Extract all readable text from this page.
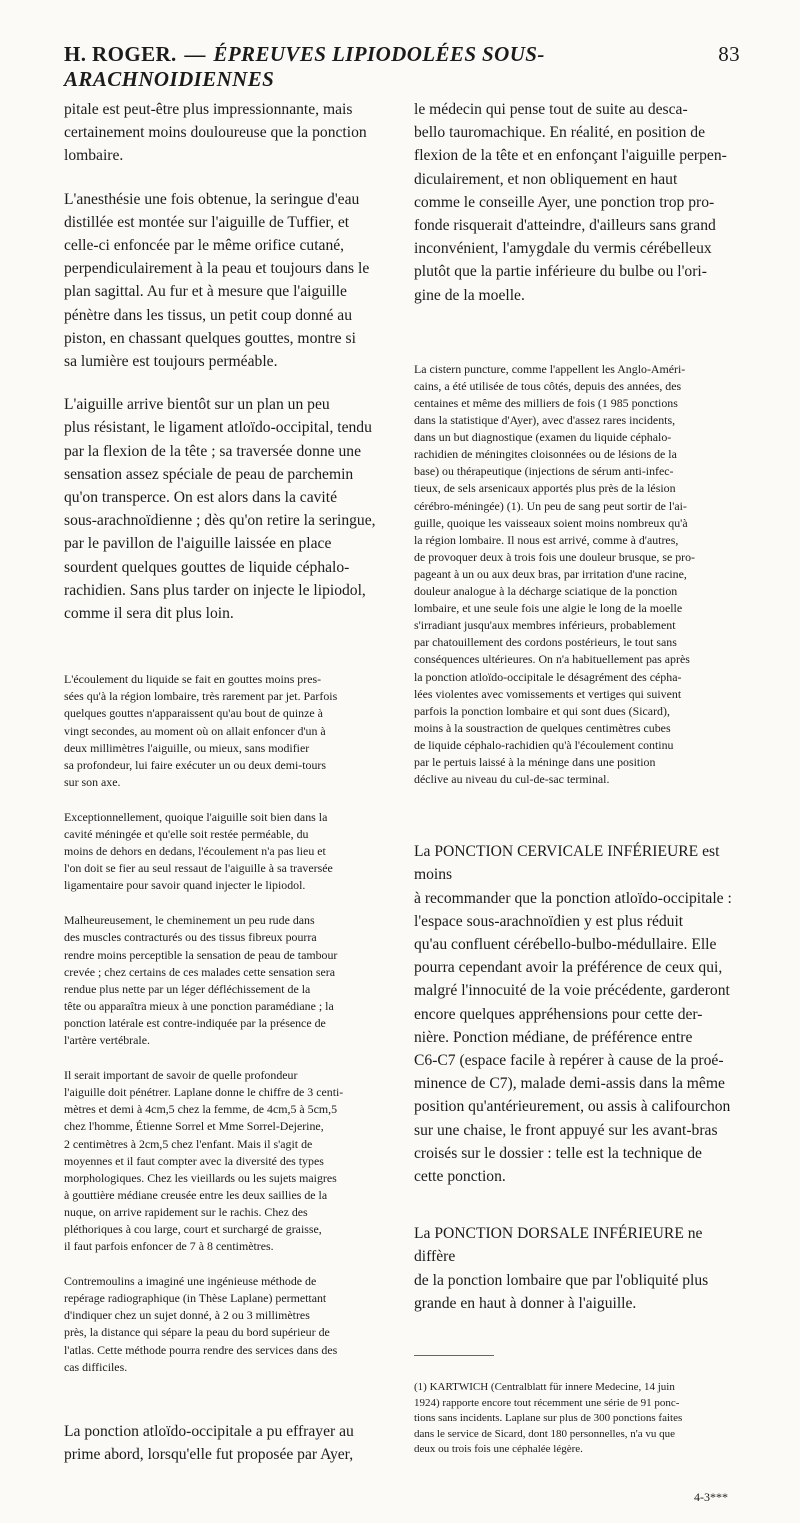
H. ROGER. — ÉPREUVES LIPIODOLÉES SOUS-ARACHNOIDIENNES
83

pitale est peut-être plus impressionnante, mais
certainement moins douloureuse que la ponction
lombaire.

L'anesthésie une fois obtenue, la seringue d'eau
distillée est montée sur l'aiguille de Tuffier, et
celle-ci enfoncée par le même orifice cutané,
perpendiculairement à la peau et toujours dans le
plan sagittal. Au fur et à mesure que l'aiguille
pénètre dans les tissus, un petit coup donné au
piston, en chassant quelques gouttes, montre si
sa lumière est toujours perméable.

L'aiguille arrive bientôt sur un plan un peu
plus résistant, le ligament atloïdo-occipital, tendu
par la flexion de la tête ; sa traversée donne une
sensation assez spéciale de peau de parchemin
qu'on transperce. On est alors dans la cavité
sous-arachnoïdienne ; dès qu'on retire la seringue,
par le pavillon de l'aiguille laissée en place
sourdent quelques gouttes de liquide céphalo-
rachidien. Sans plus tarder on injecte le lipiodol,
comme il sera dit plus loin.

L'écoulement du liquide se fait en gouttes moins pres-
sées qu'à la région lombaire, très rarement par jet. Parfois
quelques gouttes n'apparaissent qu'au bout de quinze à
vingt secondes, au moment où on allait enfoncer d'un à
deux millimètres l'aiguille, ou mieux, sans modifier
sa profondeur, lui faire exécuter un ou deux demi-tours
sur son axe.

Exceptionnellement, quoique l'aiguille soit bien dans la
cavité méningée et qu'elle soit restée perméable, du
moins de dehors en dedans, l'écoulement n'a pas lieu et
l'on doit se fier au seul ressaut de l'aiguille à sa traversée
ligamentaire pour savoir quand injecter le lipiodol.

Malheureusement, le cheminement un peu rude dans
des muscles contracturés ou des tissus fibreux pourra
rendre moins perceptible la sensation de peau de tambour
crevée ; chez certains de ces malades cette sensation sera
rendue plus nette par un léger défléchissement de la
tête ou apparaîtra mieux à une ponction paramédiane ; la
ponction latérale est contre-indiquée par la présence de
l'artère vertébrale.

Il serait important de savoir de quelle profondeur
l'aiguille doit pénétrer. Laplane donne le chiffre de 3 centi-
mètres et demi à 4cm,5 chez la femme, de 4cm,5 à 5cm,5
chez l'homme, Étienne Sorrel et Mme Sorrel-Dejerine,
2 centimètres à 2cm,5 chez l'enfant. Mais il s'agit de
moyennes et il faut compter avec la diversité des types
morphologiques. Chez les vieillards ou les sujets maigres
à gouttière médiane creusée entre les deux saillies de la
nuque, on arrive rapidement sur le rachis. Chez des
pléthoriques à cou large, court et surchargé de graisse,
il faut parfois enfoncer de 7 à 8 centimètres.

Contremoulins a imaginé une ingénieuse méthode de
repérage radiographique (in Thèse Laplane) permettant
d'indiquer chez un sujet donné, à 2 ou 3 millimètres
près, la distance qui sépare la peau du bord supérieur de
l'atlas. Cette méthode pourra rendre des services dans des
cas difficiles.

La ponction atloïdo-occipitale a pu effrayer au
prime abord, lorsqu'elle fut proposée par Ayer,

le médecin qui pense tout de suite au desca-
bello tauromachique. En réalité, en position de
flexion de la tête et en enfonçant l'aiguille perpen-
diculairement, et non obliquement en haut
comme le conseille Ayer, une ponction trop pro-
fonde risquerait d'atteindre, d'ailleurs sans grand
inconvénient, l'amygdale du vermis cérébelleux
plutôt que la partie inférieure du bulbe ou l'ori-
gine de la moelle.

La cistern puncture, comme l'appellent les Anglo-Améri-
cains, a été utilisée de tous côtés, depuis des années, des
centaines et même des milliers de fois (1 985 ponctions
dans la statistique d'Ayer), avec d'assez rares incidents,
dans un but diagnostique (examen du liquide céphalo-
rachidien de méningites cloisonnées ou de lésions de la
base) ou thérapeutique (injections de sérum anti-infec-
tieux, de sels arsenicaux apportés plus près de la lésion
cérébro-méningée) (1). Un peu de sang peut sortir de l'ai-
guille, quoique les vaisseaux soient moins nombreux qu'à
la région lombaire. Il nous est arrivé, comme à d'autres,
de provoquer deux à trois fois une douleur brusque, se pro-
pageant à un ou aux deux bras, par irritation d'une racine,
douleur analogue à la décharge sciatique de la ponction
lombaire, et une seule fois une algie le long de la moelle
s'irradiant jusqu'aux membres inférieurs, probablement
par chatouillement des cordons postérieurs, le tout sans
conséquences ultérieures. On n'a habituellement pas après
la ponction atloïdo-occipitale le désagrément des cépha-
lées violentes avec vomissements et vertiges qui suivent
parfois la ponction lombaire et qui sont dues (Sicard),
moins à la soustraction de quelques centimètres cubes
de liquide céphalo-rachidien qu'à l'écoulement continu
par le pertuis laissé à la méninge dans une position
déclive au niveau du cul-de-sac terminal.

La PONCTION CERVICALE INFÉRIEURE est moins
à recommander que la ponction atloïdo-occipitale :
l'espace sous-arachnoïdien y est plus réduit
qu'au confluent cérébello-bulbo-médullaire. Elle
pourra cependant avoir la préférence de ceux qui,
malgré l'innocuité de la voie précédente, garderont
encore quelques appréhensions pour cette der-
nière. Ponction médiane, de préférence entre
C6-C7 (espace facile à repérer à cause de la proé-
minence de C7), malade demi-assis dans la même
position qu'antérieurement, ou assis à califourchon
sur une chaise, le front appuyé sur les avant-bras
croisés sur le dossier : telle est la technique de
cette ponction.

La PONCTION DORSALE INFÉRIEURE ne diffère
de la ponction lombaire que par l'obliquité plus
grande en haut à donner à l'aiguille.

(1) KARTWICH (Centralblatt für innere Medecine, 14 juin
1924) rapporte encore tout récemment une série de 91 ponc-
tions sans incidents. Laplane sur plus de 300 ponctions faites
dans le service de Sicard, dont 180 personnelles, n'a vu que
deux ou trois fois une céphalée légère.

4-3***
